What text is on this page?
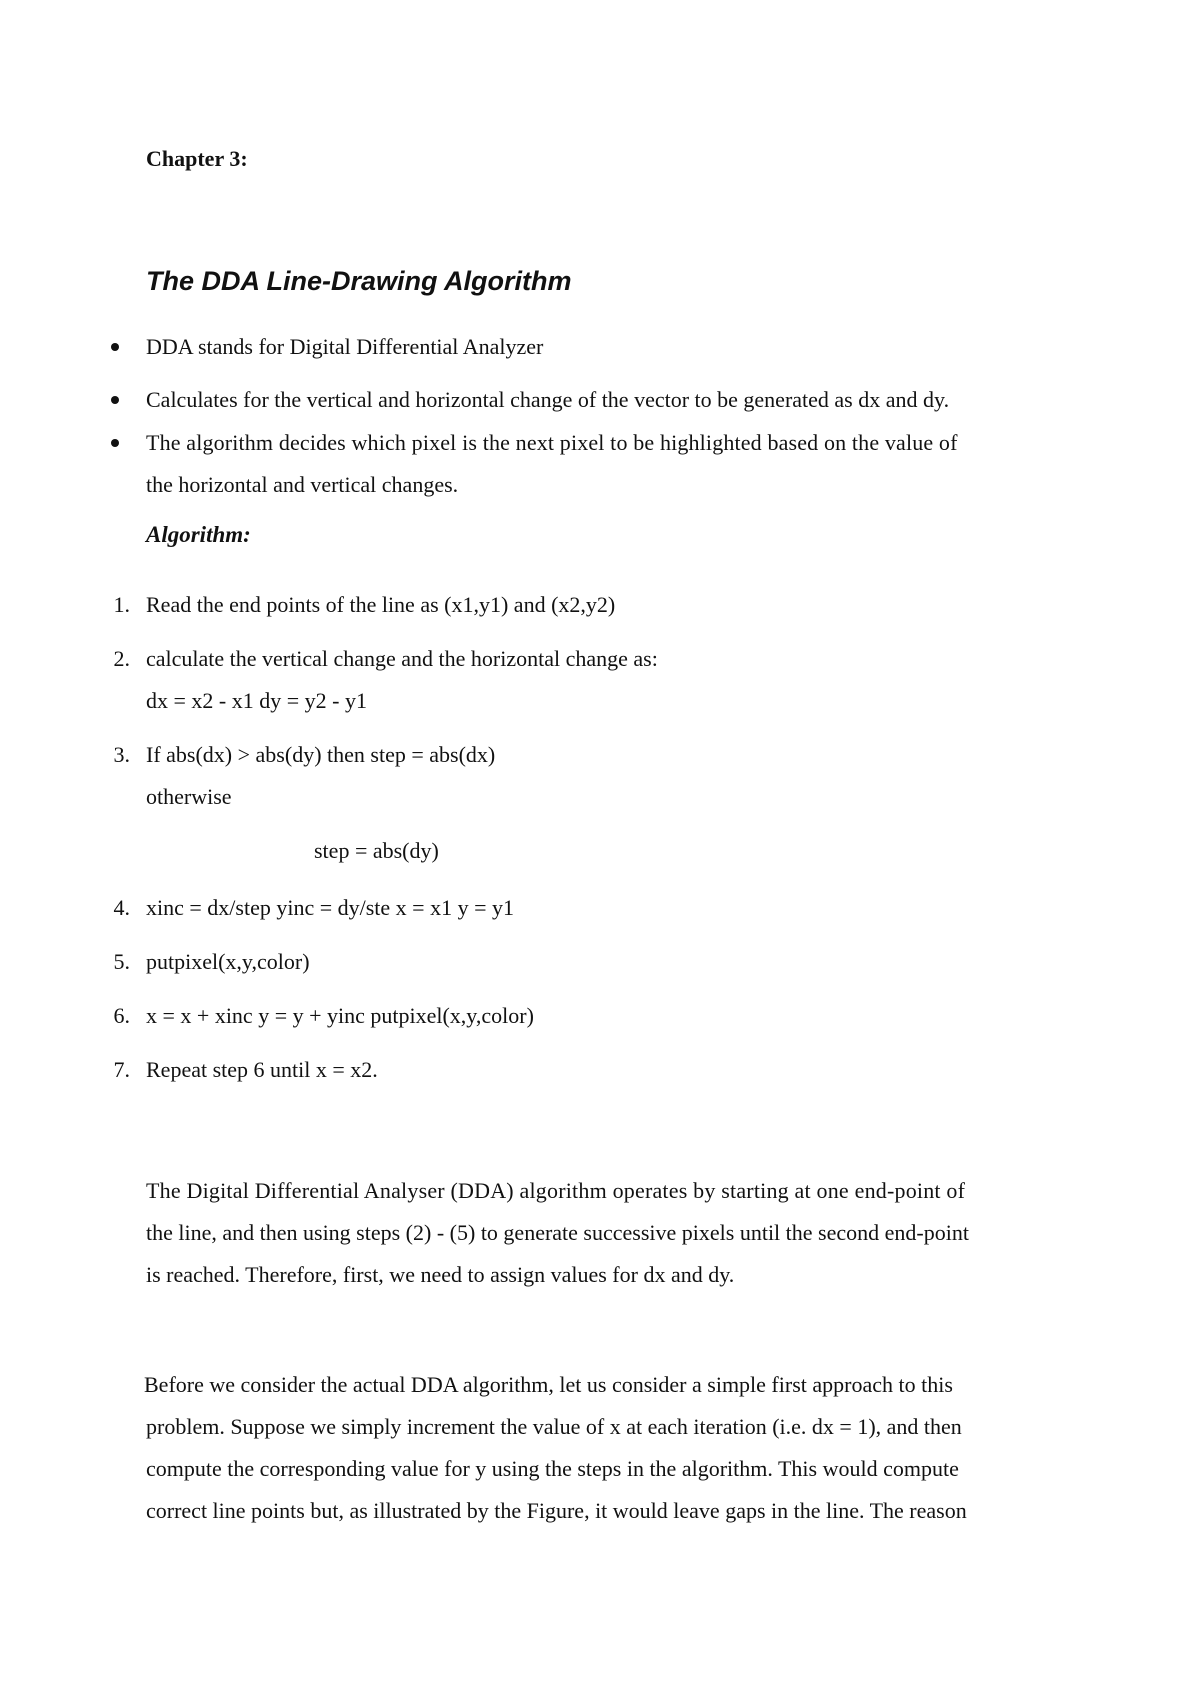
Chapter 3:
The DDA Line-Drawing Algorithm
DDA stands for Digital Differential Analyzer
Calculates for the vertical and horizontal change of the vector to be generated as dx and dy.
The algorithm decides which pixel is the next pixel to be highlighted based on the value of
the horizontal and vertical changes.
Algorithm:
1. Read the end points of the line as (x1,y1) and (x2,y2)
2. calculate the vertical change and the horizontal change as:
dx = x2 - x1 dy = y2 - y1
3. If abs(dx) > abs(dy) then step = abs(dx)
otherwise
step = abs(dy)
4. xinc = dx/step yinc = dy/ste x = x1 y = y1
5. putpixel(x,y,color)
6. x = x + xinc y = y + yinc putpixel(x,y,color)
7. Repeat step 6 until x = x2.
The Digital Differential Analyser (DDA) algorithm operates by starting at one end-point of
the line, and then using steps (2) - (5) to generate successive pixels until the second end-point
is reached. Therefore, first, we need to assign values for dx and dy.
Before we consider the actual DDA algorithm, let us consider a simple first approach to this
problem. Suppose we simply increment the value of x at each iteration (i.e. dx = 1), and then
compute the corresponding value for y using the steps in the algorithm. This would compute
correct line points but, as illustrated by the Figure, it would leave gaps in the line. The reason
